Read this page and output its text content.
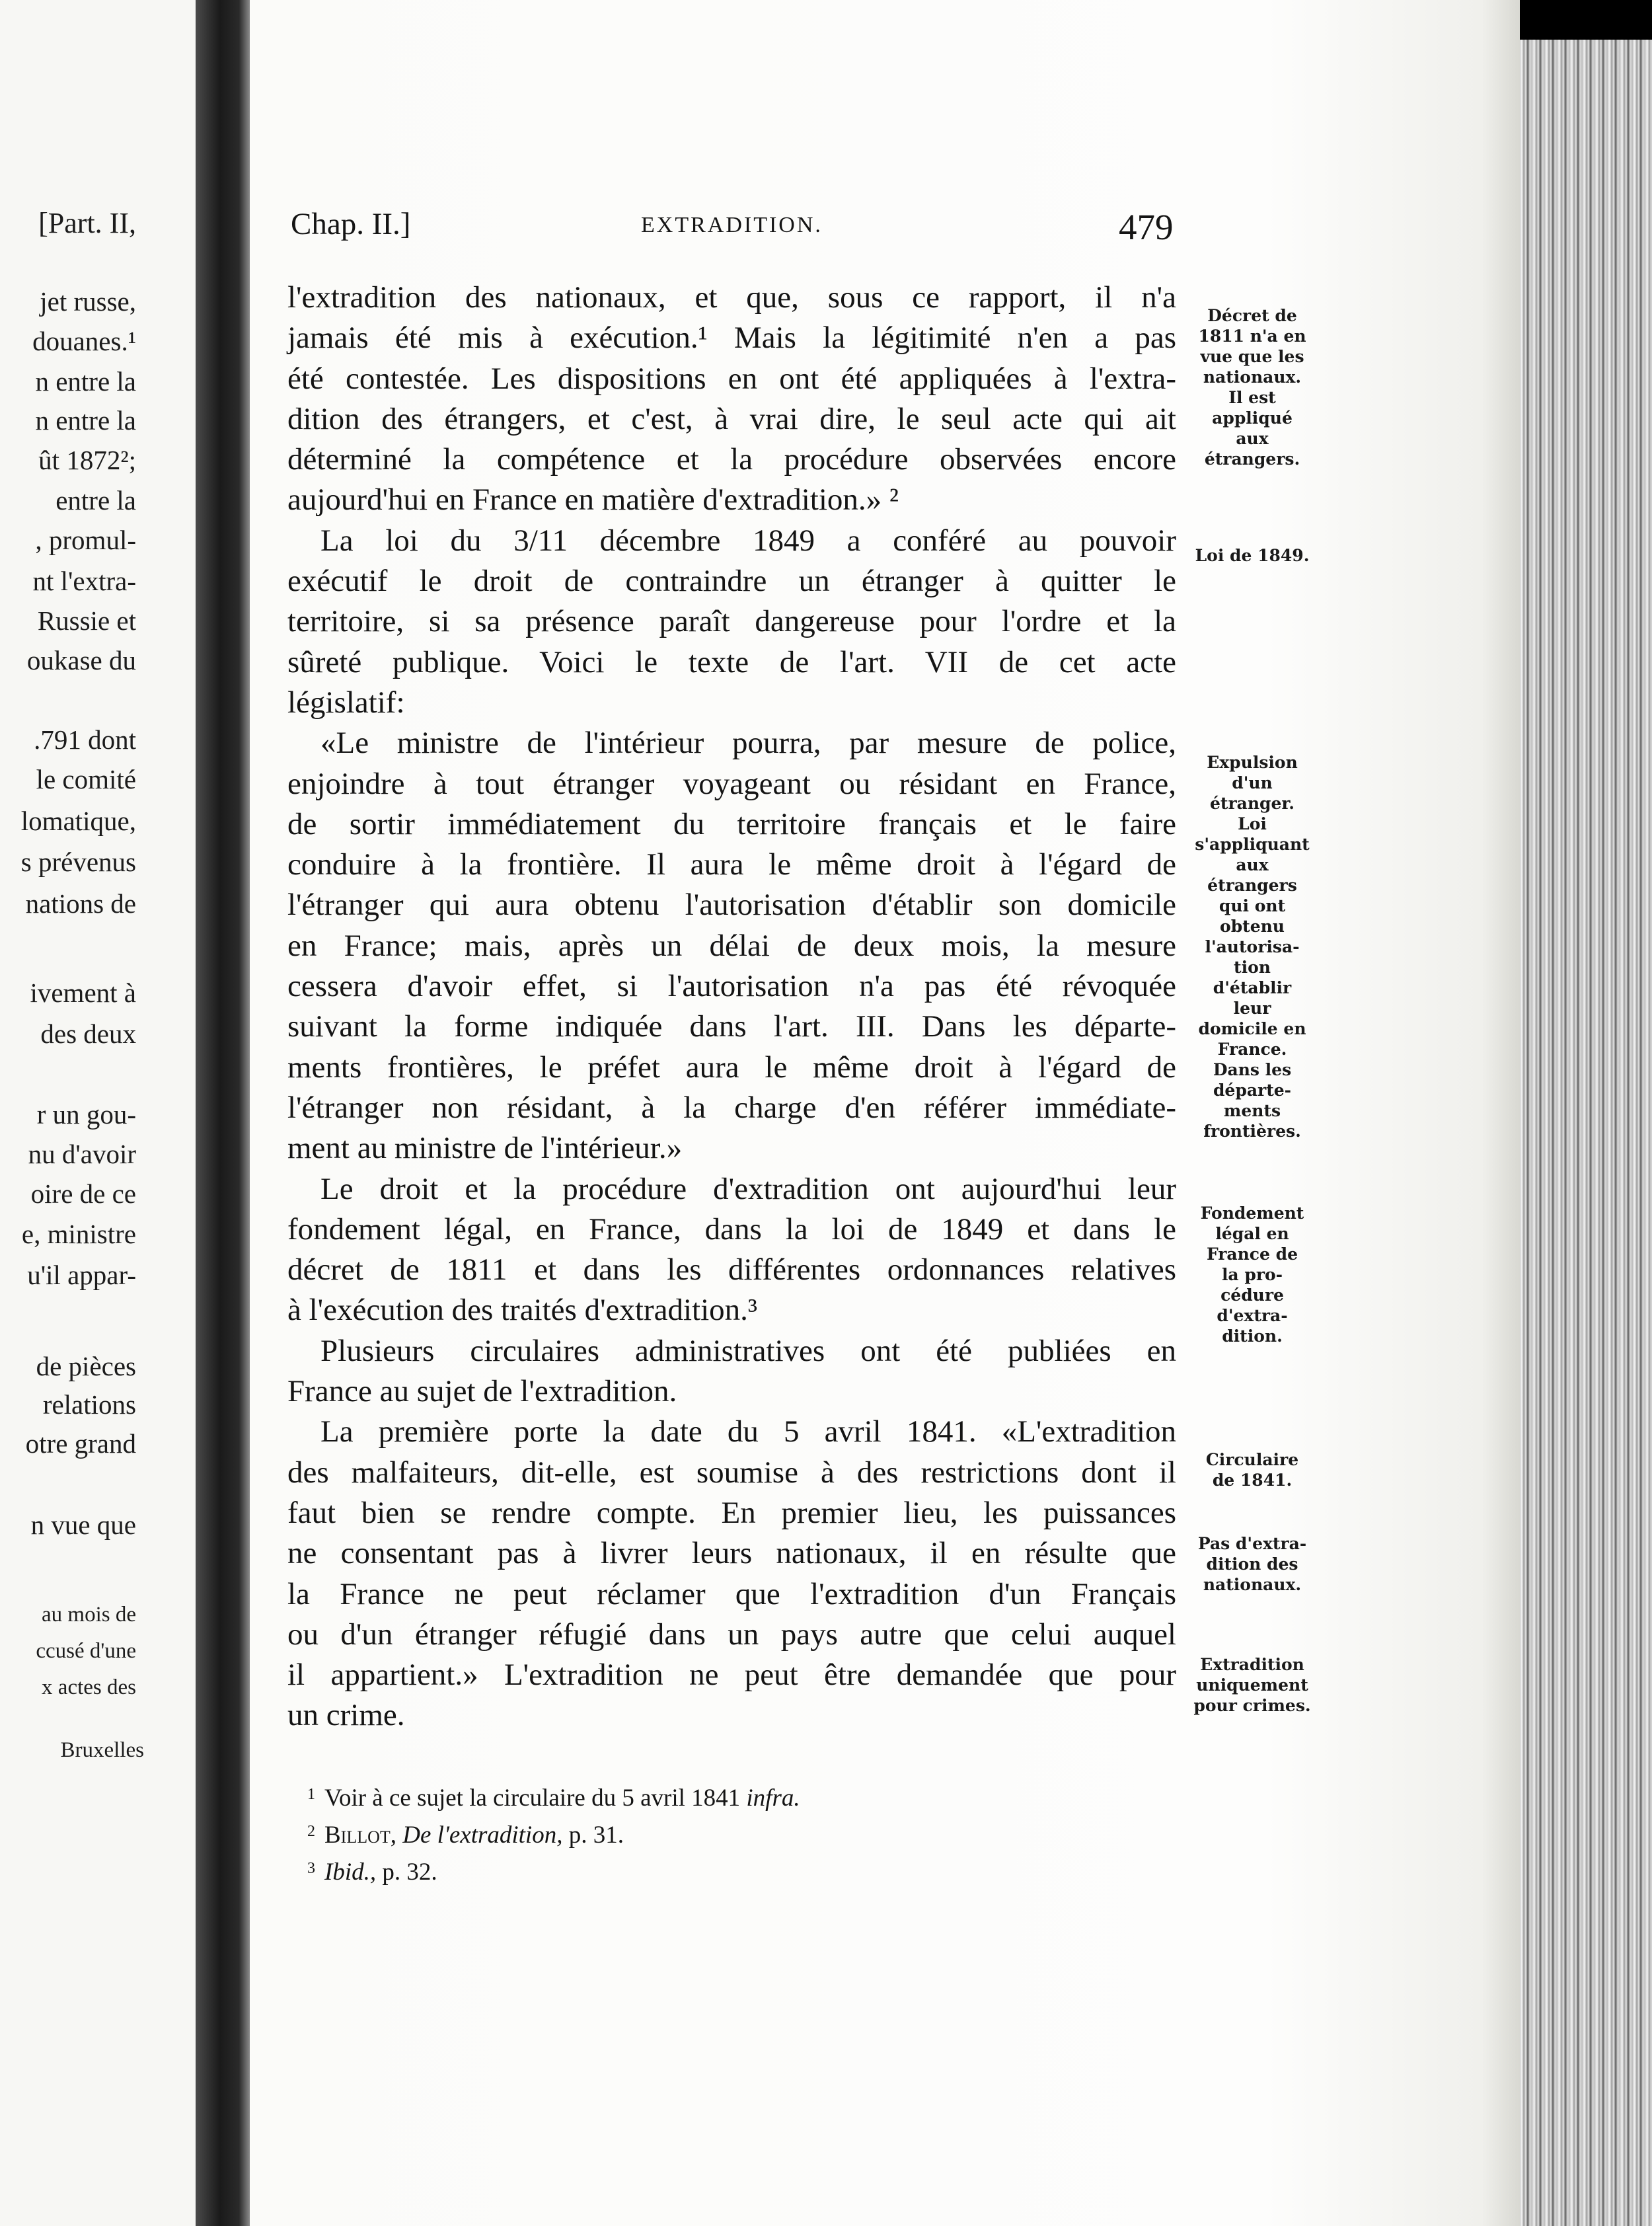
[Part. II,
jet russe,
douanes.¹
n entre la
n entre la
ût 1872²;
entre la
, promul-
nt l'extra-
Russie et
oukase du
.791 dont
le comité
lomatique,
s prévenus
nations de
ivement à
des deux
r un gou-
nu d'avoir
oire de ce
e, ministre
u'il appar-
de pièces
relations
otre grand
n vue que
au mois de
ccusé d'une
x actes des
Bruxelles
Chap. II.]	EXTRADITION.	479
l'extradition des nationaux, et que, sous ce rapport, il n'a
jamais été mis à exécution.¹ Mais la légitimité n'en a pas
été contestée. Les dispositions en ont été appliquées à l'extra-
dition des étrangers, et c'est, à vrai dire, le seul acte qui ait
déterminé la compétence et la procédure observées encore
aujourd'hui en France en matière d'extradition.» ²
La loi du 3/11 décembre 1849 a conféré au pouvoir
exécutif le droit de contraindre un étranger à quitter le
territoire, si sa présence paraît dangereuse pour l'ordre et la
sûreté publique. Voici le texte de l'art. VII de cet acte
législatif:
«Le ministre de l'intérieur pourra, par mesure de police,
enjoindre à tout étranger voyageant ou résidant en France,
de sortir immédiatement du territoire français et le faire
conduire à la frontière. Il aura le même droit à l'égard de
l'étranger qui aura obtenu l'autorisation d'établir son domicile
en France; mais, après un délai de deux mois, la mesure
cessera d'avoir effet, si l'autorisation n'a pas été révoquée
suivant la forme indiquée dans l'art. III. Dans les départe-
ments frontières, le préfet aura le même droit à l'égard de
l'étranger non résidant, à la charge d'en référer immédiate-
ment au ministre de l'intérieur.»
Le droit et la procédure d'extradition ont aujourd'hui leur
fondement légal, en France, dans la loi de 1849 et dans le
décret de 1811 et dans les différentes ordonnances relatives
à l'exécution des traités d'extradition.³
Plusieurs circulaires administratives ont été publiées en
France au sujet de l'extradition.
La première porte la date du 5 avril 1841. «L'extradition
des malfaiteurs, dit-elle, est soumise à des restrictions dont il
faut bien se rendre compte. En premier lieu, les puissances
ne consentant pas à livrer leurs nationaux, il en résulte que
la France ne peut réclamer que l'extradition d'un Français
ou d'un étranger réfugié dans un pays autre que celui auquel
il appartient.» L'extradition ne peut être demandée que pour
un crime.
Décret de
1811 n'a en
vue que les
nationaux.
Il est
appliqué
aux
étrangers.
Loi de 1849.
Expulsion
d'un
étranger.
Loi
s'appliquant
aux
étrangers
qui ont
obtenu
l'autorisa-
tion
d'établir
leur
domicile en
France.
Dans les
départe-
ments
frontières.
Fondement
légal en
France de
la pro-
cédure
d'extra-
dition.
Circulaire
de 1841.
Pas d'extra-
dition des
nationaux.
Extradition
uniquement
pour crimes.
$^1$ Voir à ce sujet la circulaire du 5 avril 1841 infra.
$^2$ Billot, De l'extradition, p. 31.
$^3$ Ibid., p. 32.
